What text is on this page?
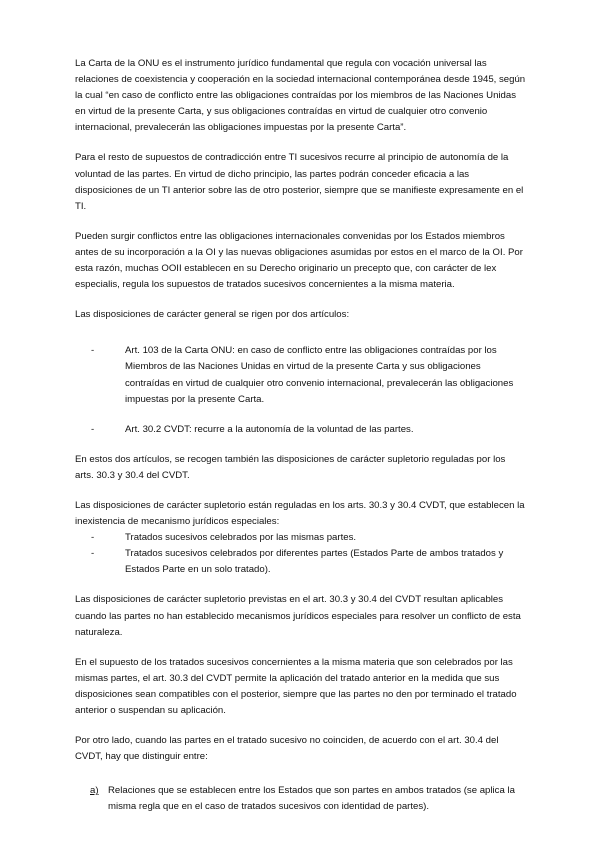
La Carta de la ONU es el instrumento jurídico fundamental que regula con vocación universal las relaciones de coexistencia y cooperación en la sociedad internacional contemporánea desde 1945, según la cual “en caso de conflicto entre las obligaciones contraídas por los miembros de las Naciones Unidas en virtud de la presente Carta, y sus obligaciones contraídas en virtud de cualquier otro convenio internacional, prevalecerán las obligaciones impuestas por la presente Carta”.

Para el resto de supuestos de contradicción entre TI sucesivos recurre al principio de autonomía de la voluntad de las partes. En virtud de dicho principio, las partes podrán conceder eficacia a las disposiciones de un TI anterior sobre las de otro posterior, siempre que se manifieste expresamente en el TI.

Pueden surgir conflictos entre las obligaciones internacionales convenidas por los Estados miembros antes de su incorporación a la OI y las nuevas obligaciones asumidas por estos en el marco de la OI. Por esta razón, muchas OOII establecen en su Derecho originario un precepto que, con carácter de lex especialis, regula los supuestos de tratados sucesivos concernientes a la misma materia.

Las disposiciones de carácter general se rigen por dos artículos:

-	Art. 103 de la Carta ONU: en caso de conflicto entre las obligaciones contraídas por los Miembros de las Naciones Unidas en virtud de la presente Carta y sus obligaciones contraídas en virtud de cualquier otro convenio internacional, prevalecerán las obligaciones impuestas por la presente Carta.
-	Art. 30.2 CVDT: recurre a la autonomía de la voluntad de las partes.

En estos dos artículos, se recogen también las disposiciones de carácter supletorio reguladas por los arts. 30.3 y 30.4 del CVDT.

Las disposiciones de carácter supletorio están reguladas en los arts. 30.3 y 30.4 CVDT, que establecen la inexistencia de mecanismo jurídicos especiales:

-	Tratados sucesivos celebrados por las mismas partes.
-	Tratados sucesivos celebrados por diferentes partes (Estados Parte de ambos tratados y Estados Parte en un solo tratado).

Las disposiciones de carácter supletorio previstas en el art. 30.3 y 30.4 del CVDT resultan aplicables cuando las partes no han establecido mecanismos jurídicos especiales para resolver un conflicto de esta naturaleza.

En el supuesto de los tratados sucesivos concernientes a la misma materia que son celebrados por las mismas partes, el art. 30.3 del CVDT permite la aplicación del tratado anterior en la medida que sus disposiciones sean compatibles con el posterior, siempre que las partes no den por terminado el tratado anterior o suspendan su aplicación.

Por otro lado, cuando las partes en el tratado sucesivo no coinciden, de acuerdo con el art. 30.4 del CVDT, hay que distinguir entre:

a) Relaciones que se establecen entre los Estados que son partes en ambos tratados (se aplica la misma regla que en el caso de tratados sucesivos con identidad de partes).
